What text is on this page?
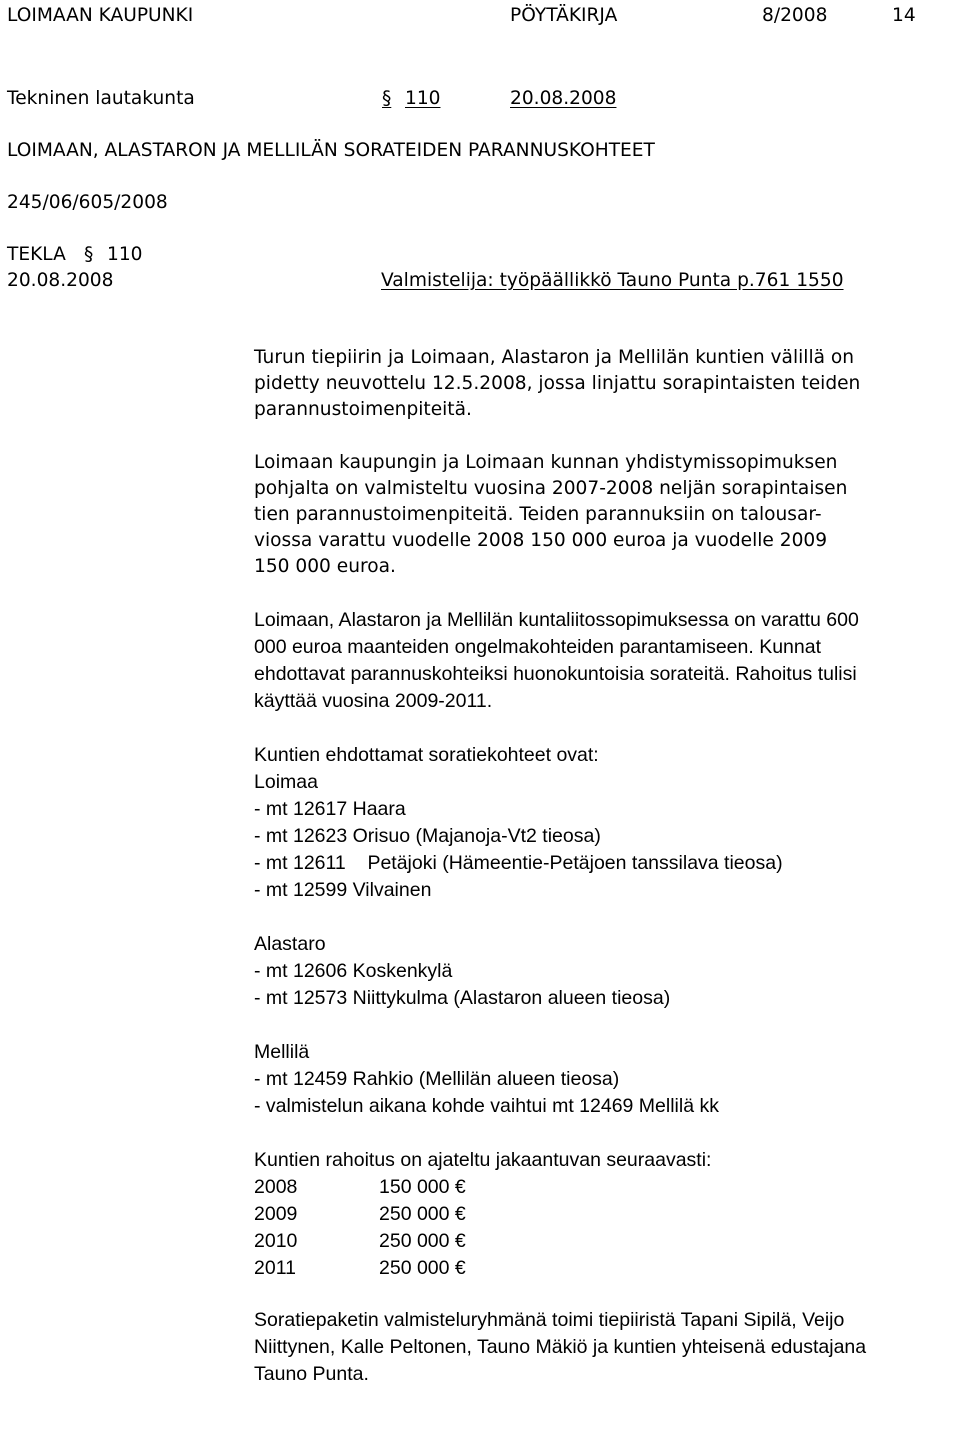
LOIMAAN KAUPUNKI	PÖYTÄKIRJA	8/2008	14
Tekninen lautakunta §	110	20.08.2008
LOIMAAN, ALASTARON JA MELLILÄN SORATEIDEN PARANNUSKOHTEET
245/06/605/2008
TEKLA § 110
20.08.2008	Valmistelija: työpäällikkö Tauno Punta p.761 1550
Turun tiepiirin ja Loimaan, Alastaron ja Mellilän kuntien välillä on
pidetty neuvottelu 12.5.2008, jossa linjattu sorapintaisten teiden
parannustoimenpiteitä.
Loimaan kaupungin ja Loimaan kunnan yhdistymissopimuksen
pohjalta on valmisteltu vuosina 2007-2008 neljän sorapintaisen
tien parannustoimenpiteitä. Teiden parannuksiin on talousar-
viossa varattu vuodelle 2008 150 000 euroa ja vuodelle 2009
150 000 euroa.
Loimaan, Alastaron ja Mellilän kuntaliitossopimuksessa on varattu 600
000 euroa maanteiden ongelmakohteiden parantamiseen. Kunnat
ehdottavat parannuskohteiksi huonokuntoisia sorateitä. Rahoitus tulisi
käyttää vuosina 2009-2011.
Kuntien ehdottamat soratiekohteet ovat:
Loimaa
- mt 12617 Haara
- mt 12623 Orisuo (Majanoja-Vt2 tieosa)
- mt 12611    Petäjoki (Hämeentie-Petäjoen tanssilava tieosa)
- mt 12599 Vilvainen
Alastaro
- mt 12606 Koskenkylä
- mt 12573 Niittykulma (Alastaron alueen tieosa)
Mellilä
- mt 12459 Rahkio (Mellilän alueen tieosa)
- valmistelun aikana kohde vaihtui mt 12469 Mellilä kk
Kuntien rahoitus on ajateltu jakaantuvan seuraavasti:
2008	150 000 €
2009	250 000 €
2010	250 000 €
2011	250 000 €
Soratiepaketin valmisteluryhmänä toimi tiepiiristä Tapani Sipilä, Veijo
Niittynen, Kalle Peltonen, Tauno Mäkiö ja kuntien yhteisenä edustajana
Tauno Punta.
